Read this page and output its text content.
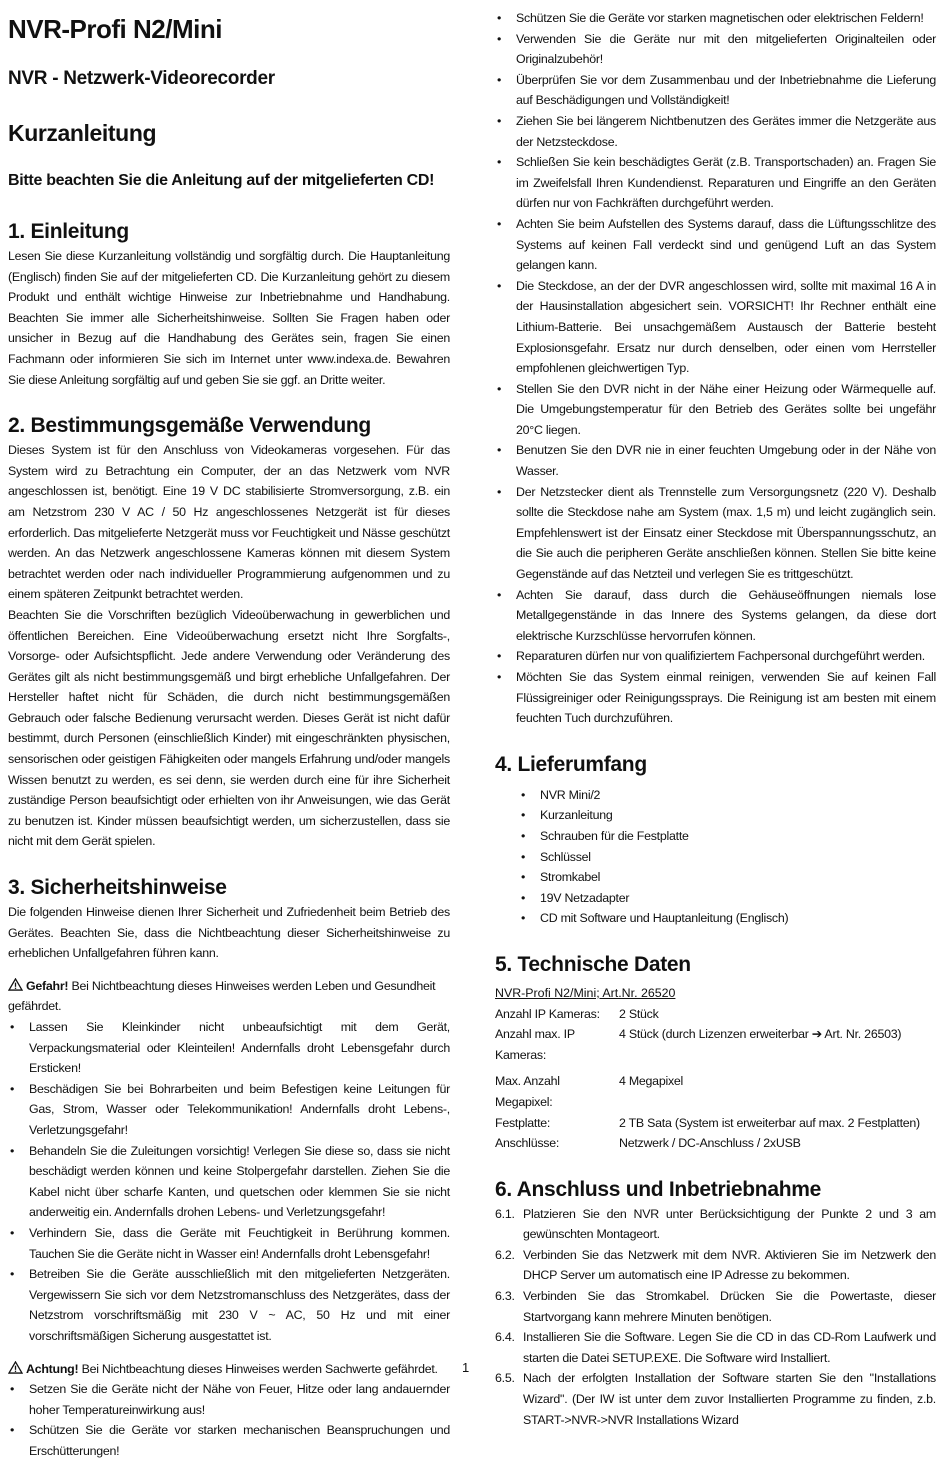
NVR-Profi N2/Mini
NVR - Netzwerk-Videorecorder
Kurzanleitung
Bitte beachten Sie die Anleitung auf der mitgelieferten CD!
1. Einleitung

Lesen Sie diese Kurzanleitung vollständig und sorgfältig durch. Die Hauptanleitung (Englisch) finden Sie auf der mitgelieferten CD. Die Kurzanleitung gehört zu diesem Produkt und enthält wichtige Hinweise zur Inbetriebnahme und Handhabung. Beachten Sie immer alle Sicherheitshinweise. Sollten Sie Fragen haben oder unsicher in Bezug auf die Handhabung des Gerätes sein, fragen Sie einen Fachmann oder informieren Sie sich im Internet unter www.indexa.de. Bewahren Sie diese Anleitung sorgfältig auf und geben Sie sie ggf. an Dritte weiter.

2. Bestimmungsgemäße Verwendung

Dieses System ist für den Anschluss von Videokameras vorgesehen. Für das System wird zu Betrachtung ein Computer, der an das Netzwerk vom NVR angeschlossen ist, benötigt. Eine 19 V DC stabilisierte Stromversorgung, z.B. ein am Netzstrom 230 V AC / 50 Hz angeschlossenes Netzgerät ist für dieses erforderlich. Das mitgelieferte Netzgerät muss vor Feuchtigkeit und Nässe geschützt werden. An das Netzwerk angeschlossene Kameras können mit diesem System betrachtet werden oder nach individueller Programmierung aufgenommen und zu einem späteren Zeitpunkt betrachtet werden.

Beachten Sie die Vorschriften bezüglich Videoüberwachung in gewerblichen und öffentlichen Bereichen. Eine Videoüberwachung ersetzt nicht Ihre Sorgfalts-, Vorsorge- oder Aufsichtspflicht. Jede andere Verwendung oder Veränderung des Gerätes gilt als nicht bestimmungsgemäß und birgt erhebliche Unfallgefahren. Der Hersteller haftet nicht für Schäden, die durch nicht bestimmungsgemäßen Gebrauch oder falsche Bedienung verursacht werden. Dieses Gerät ist nicht dafür bestimmt, durch Personen (einschließlich Kinder) mit eingeschränkten physischen, sensorischen oder geistigen Fähigkeiten oder mangels Erfahrung und/oder mangels Wissen benutzt zu werden, es sei denn, sie werden durch eine für ihre Sicherheit zuständige Person beaufsichtigt oder erhielten von ihr Anweisungen, wie das Gerät zu benutzen ist. Kinder müssen beaufsichtigt werden, um sicherzustellen, dass sie nicht mit dem Gerät spielen.

3. Sicherheitshinweise

Die folgenden Hinweise dienen Ihrer Sicherheit und Zufriedenheit beim Betrieb des Gerätes. Beachten Sie, dass die Nichtbeachtung dieser Sicherheitshinweise zu erheblichen Unfallgefahren führen kann.

Gefahr! Bei Nichtbeachtung dieses Hinweises werden Leben und Gesundheit gefährdet.
• Lassen Sie Kleinkinder nicht unbeaufsichtigt mit dem Gerät, Verpackungsmaterial oder Kleinteilen! Andernfalls droht Lebensgefahr durch Ersticken!
• Beschädigen Sie bei Bohrarbeiten und beim Befestigen keine Leitungen für Gas, Strom, Wasser oder Telekommunikation! Andernfalls droht Lebens-, Verletzungsgefahr!
• Behandeln Sie die Zuleitungen vorsichtig! Verlegen Sie diese so, dass sie nicht beschädigt werden können und keine Stolpergefahr darstellen. Ziehen Sie die Kabel nicht über scharfe Kanten, und quetschen oder klemmen Sie sie nicht anderweitig ein. Andernfalls drohen Lebens- und Verletzungsgefahr!
• Verhindern Sie, dass die Geräte mit Feuchtigkeit in Berührung kommen. Tauchen Sie die Geräte nicht in Wasser ein! Andernfalls droht Lebensgefahr!
• Betreiben Sie die Geräte ausschließlich mit den mitgelieferten Netzgeräten. Vergewissern Sie sich vor dem Netzstromanschluss des Netzgerätes, dass der Netzstrom vorschriftsmäßig mit 230 V ~ AC, 50 Hz und mit einer vorschriftsmäßigen Sicherung ausgestattet ist.
Achtung! Bei Nichtbeachtung dieses Hinweises werden Sachwerte gefährdet.
• Setzen Sie die Geräte nicht der Nähe von Feuer, Hitze oder lang andauernder hoher Temperatureinwirkung aus!
• Schützen Sie die Geräte vor starken mechanischen Beanspruchungen und Erschütterungen!
• Schützen Sie die Geräte vor starken magnetischen oder elektrischen Feldern!
• Verwenden Sie die Geräte nur mit den mitgelieferten Originalteilen oder Originalzubehör!
• Überprüfen Sie vor dem Zusammenbau und der Inbetriebnahme die Lieferung auf Beschädigungen und Vollständigkeit!
• Ziehen Sie bei längerem Nichtbenutzen des Gerätes immer die Netzgeräte aus der Netzsteckdose.
• Schließen Sie kein beschädigtes Gerät (z.B. Transportschaden) an. Fragen Sie im Zweifelsfall Ihren Kundendienst. Reparaturen und Eingriffe an den Geräten dürfen nur von Fachkräften durchgeführt werden.
• Achten Sie beim Aufstellen des Systems darauf, dass die Lüftungsschlitze des Systems auf keinen Fall verdeckt sind und genügend Luft an das System gelangen kann.
• Die Steckdose, an der der DVR angeschlossen wird, sollte mit maximal 16 A in der Hausinstallation abgesichert sein. VORSICHT! Ihr Rechner enthält eine Lithium-Batterie. Bei unsachgemäßem Austausch der Batterie besteht Explosionsgefahr. Ersatz nur durch denselben, oder einen vom Herrsteller empfohlenen gleichwertigen Typ.
• Stellen Sie den DVR nicht in der Nähe einer Heizung oder Wärmequelle auf. Die Umgebungstemperatur für den Betrieb des Gerätes sollte bei ungefähr 20°C liegen.
• Benutzen Sie den DVR nie in einer feuchten Umgebung oder in der Nähe von Wasser.
• Der Netzstecker dient als Trennstelle zum Versorgungsnetz (220 V). Deshalb sollte die Steckdose nahe am System (max. 1,5 m) und leicht zugänglich sein. Empfehlenswert ist der Einsatz einer Steckdose mit Überspannungsschutz, an die Sie auch die peripheren Geräte anschließen können. Stellen Sie bitte keine Gegenstände auf das Netzteil und verlegen Sie es trittgeschützt.
• Achten Sie darauf, dass durch die Gehäuseöffnungen niemals lose Metallgegenstände in das Innere des Systems gelangen, da diese dort elektrische Kurzschlüsse hervorrufen können.
• Reparaturen dürfen nur von qualifiziertem Fachpersonal durchgeführt werden.
• Möchten Sie das System einmal reinigen, verwenden Sie auf keinen Fall Flüssigreiniger oder Reinigungssprays. Die Reinigung ist am besten mit einem feuchten Tuch durchzuführen.
4. Lieferumfang
• NVR Mini/2
• Kurzanleitung
• Schrauben für die Festplatte
• Schlüssel
• Stromkabel
• 19V Netzadapter
• CD mit Software und Hauptanleitung (Englisch)
5. Technische Daten
NVR-Profi N2/Mini; Art.Nr. 26520
Anzahl IP Kameras:	2 Stück
Anzahl max. IP Kameras:	4 Stück (durch Lizenzen erweiterbar ➔ Art. Nr. 26503)
Max. Anzahl Megapixel:	4 Megapixel
Festplatte:	2 TB Sata (System ist erweiterbar auf max. 2 Festplatten)
Anschlüsse:	Netzwerk / DC-Anschluss / 2xUSB
6. Anschluss und Inbetriebnahme
6.1. Platzieren Sie den NVR unter Berücksichtigung der Punkte 2 und 3 am gewünschten Montageort.
6.2. Verbinden Sie das Netzwerk mit dem NVR. Aktivieren Sie im Netzwerk den DHCP Server um automatisch eine IP Adresse zu bekommen.
6.3. Verbinden Sie das Stromkabel. Drücken Sie die Powertaste, dieser Startvorgang kann mehrere Minuten benötigen.
6.4. Installieren Sie die Software. Legen Sie die CD in das CD-Rom Laufwerk und starten die Datei SETUP.EXE. Die Software wird Installiert.
6.5. Nach der erfolgten Installation der Software starten Sie den "Installations Wizard". (Der IW ist unter dem zuvor Installierten Programme zu finden, z.b. START->NVR->NVR Installations Wizard
1
